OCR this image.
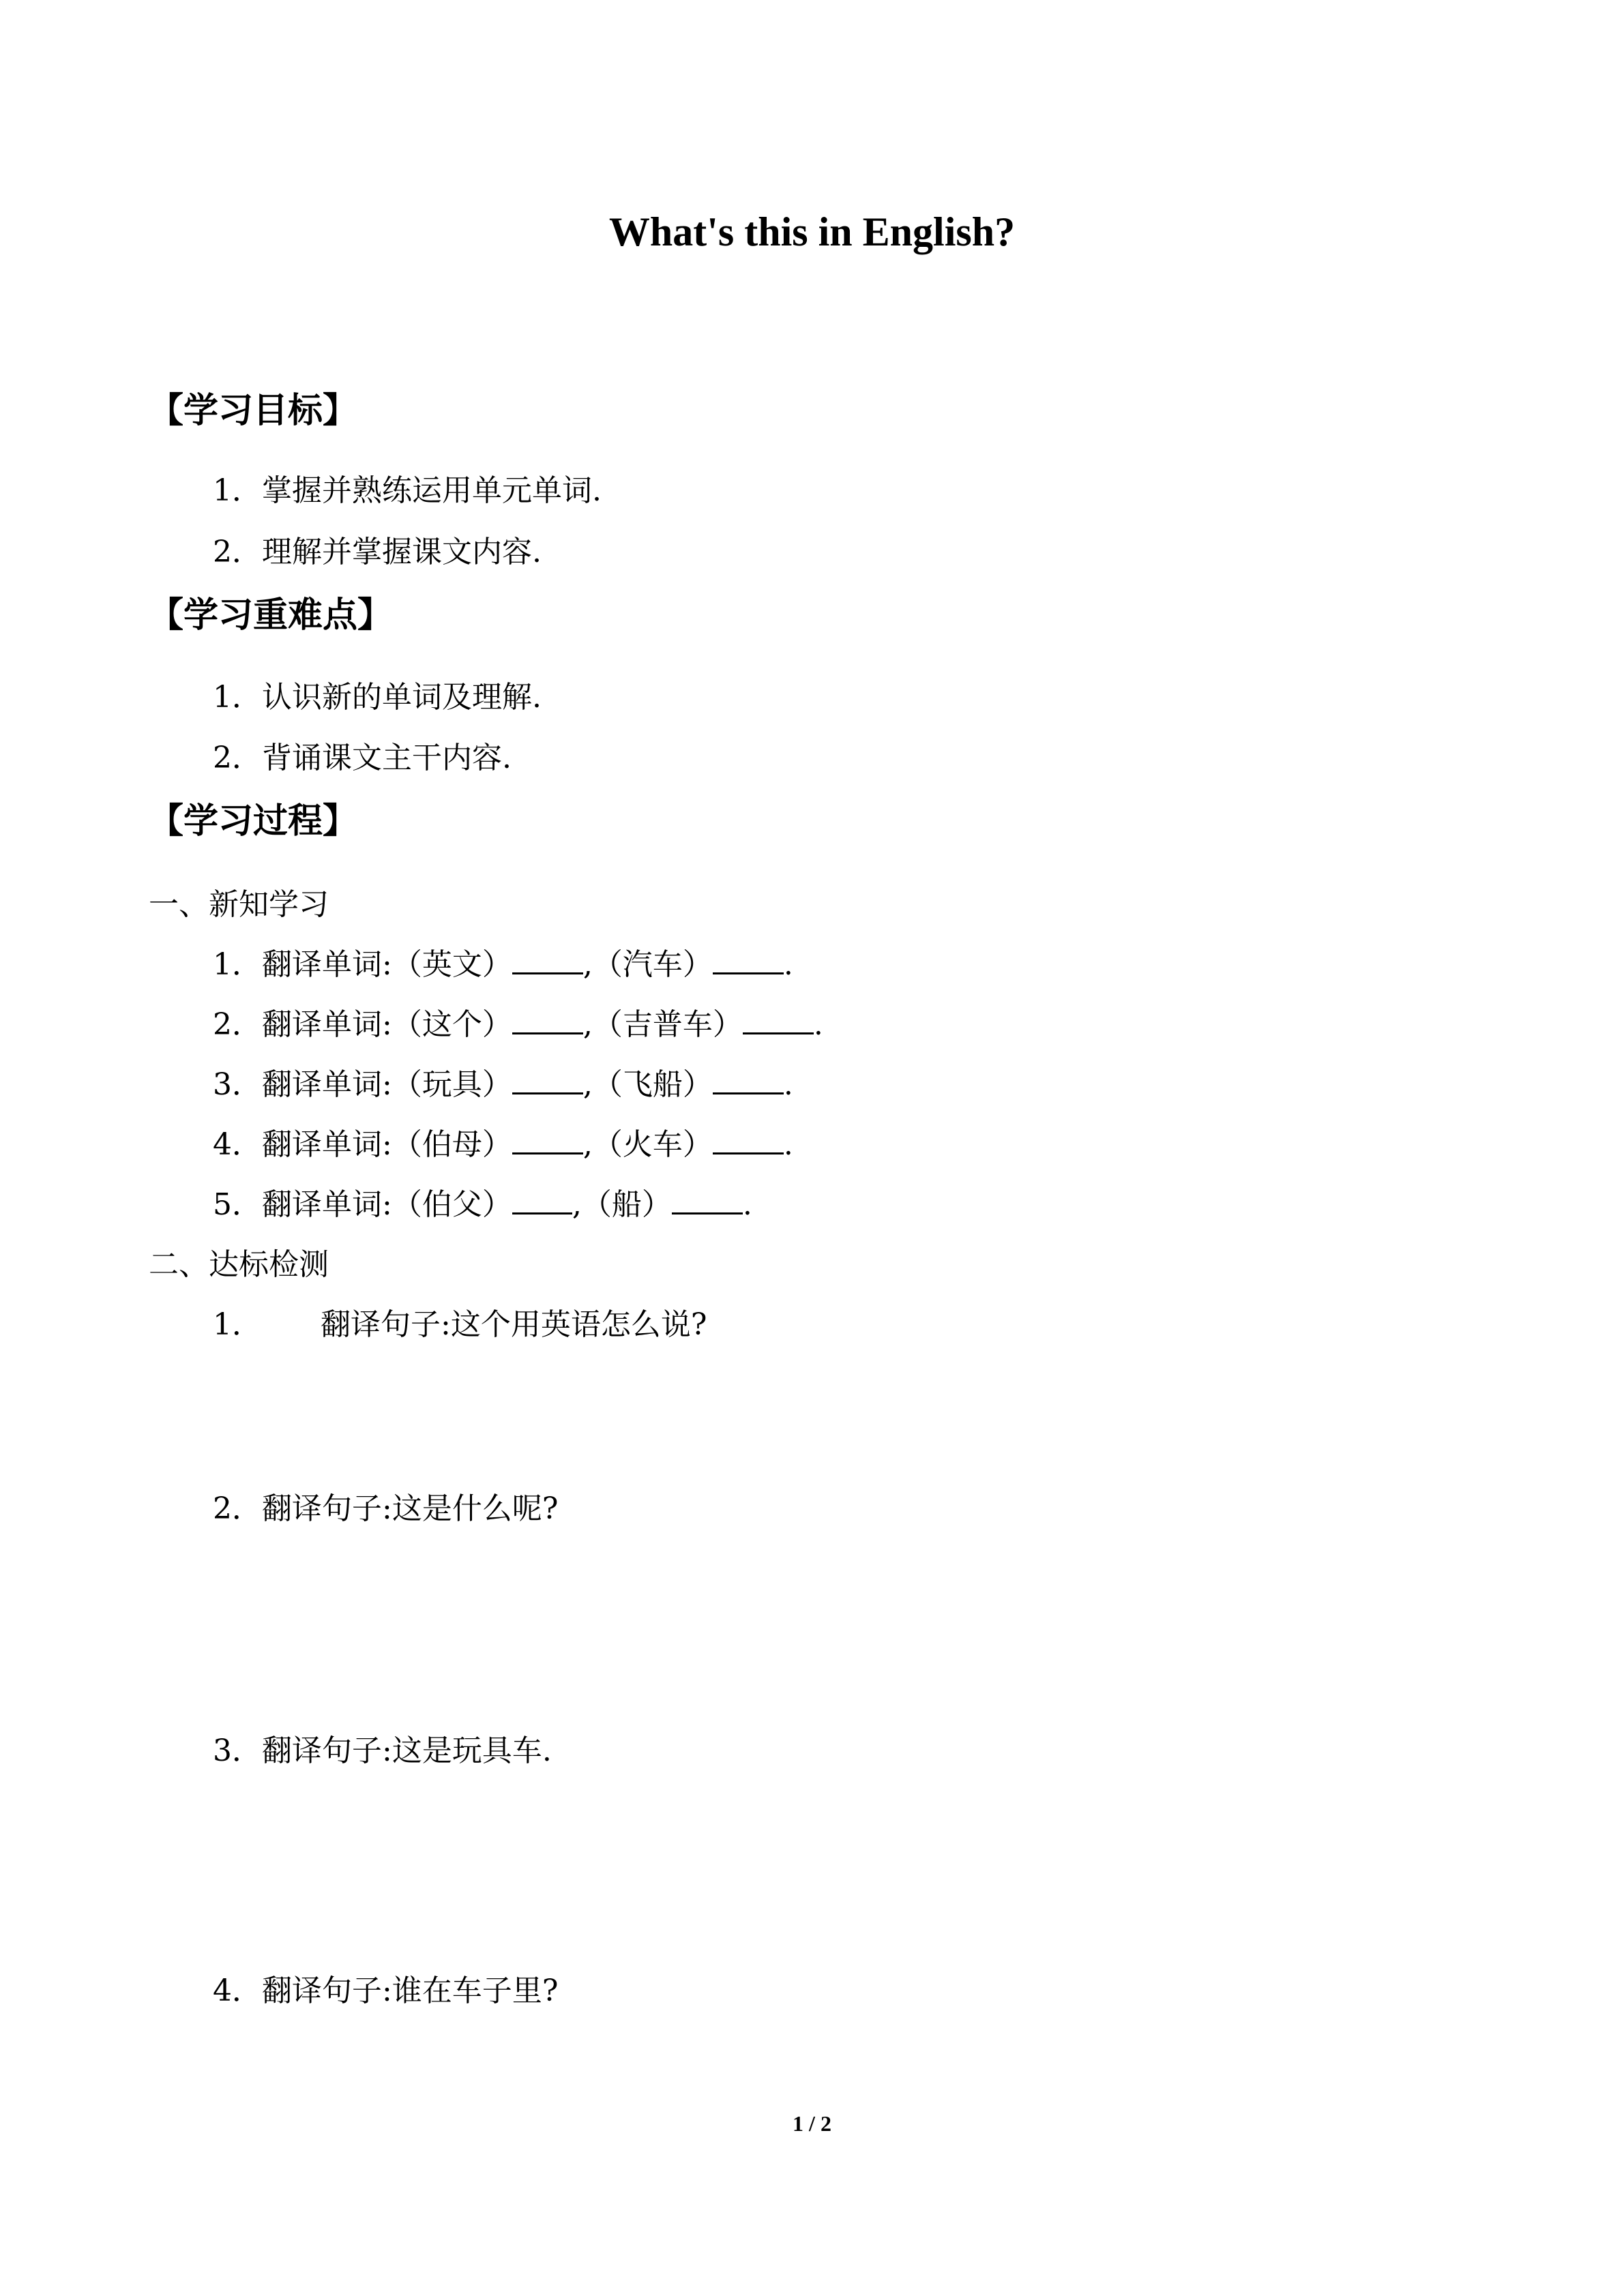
What's this in English?
【学习目标】
1．掌握并熟练运用单元单词.
2．理解并掌握课文内容.
【学习重难点】
1．认识新的单词及理解.
2．背诵课文主干内容.
【学习过程】
一、新知学习
1．翻译单词:（英文） ,（汽车） .
2．翻译单词:（这个） ,（吉普车） .
3．翻译单词:（玩具） ,（飞船） .
4．翻译单词:（伯母） ,（火车） .
5．翻译单词:（伯父） ,（船） .
二、达标检测
1． 翻译句子:这个用英语怎么说?
2．翻译句子:这是什么呢?
3．翻译句子:这是玩具车.
4．翻译句子:谁在车子里?
1 / 2
